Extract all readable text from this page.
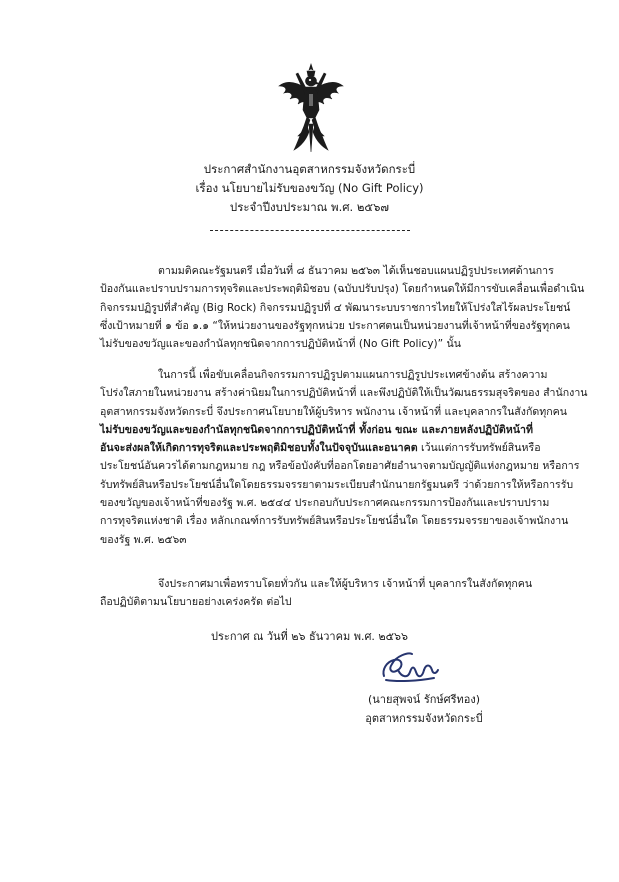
ประกาศสำนักงานอุตสาหกรรมจังหวัดกระบี่
เรื่อง นโยบายไม่รับของขวัญ (No Gift Policy)
ประจำปีงบประมาณ พ.ศ. ๒๕๖๗
ตามมติคณะรัฐมนตรี เมื่อวันที่ ๘ ธันวาคม ๒๕๖๓ ได้เห็นชอบแผนปฏิรูปประเทศด้านการ
ป้องกันและปราบปรามการทุจริตและประพฤติมิชอบ (ฉบับปรับปรุง) โดยกำหนดให้มีการขับเคลื่อนเพื่อดำเนิน
กิจกรรมปฏิรูปที่สำคัญ (Big Rock) กิจกรรมปฏิรูปที่ ๔ พัฒนาระบบราชการไทยให้โปร่งใสไร้ผลประโยชน์
ซึ่งเป้าหมายที่ ๑ ข้อ ๑.๑ “ให้หน่วยงานของรัฐทุกหน่วย ประกาศตนเป็นหน่วยงานที่เจ้าหน้าที่ของรัฐทุกคน
ไม่รับของขวัญและของกำนัลทุกชนิดจากการปฏิบัติหน้าที่ (No Gift Policy)” นั้น
ในการนี้ เพื่อขับเคลื่อนกิจกรรมการปฏิรูปตามแผนการปฏิรูปประเทศข้างต้น สร้างความ
โปร่งใสภายในหน่วยงาน สร้างค่านิยมในการปฏิบัติหน้าที่ และพึงปฏิบัติให้เป็นวัฒนธรรมสุจริตของ สำนักงาน
อุตสาหกรรมจังหวัดกระบี่ จึงประกาศนโยบายให้ผู้บริหาร พนักงาน เจ้าหน้าที่ และบุคลากรในสังกัดทุกคน
ไม่รับของขวัญและของกำนัลทุกชนิดจากการปฏิบัติหน้าที่ ทั้งก่อน ขณะ และภายหลังปฏิบัติหน้าที่
อันจะส่งผลให้เกิดการทุจริตและประพฤติมิชอบทั้งในปัจจุบันและอนาคต เว้นแต่การรับทรัพย์สินหรือ
ประโยชน์อันควรได้ตามกฎหมาย กฎ หรือข้อบังคับที่ออกโดยอาศัยอำนาจตามบัญญัติแห่งกฎหมาย หรือการ
รับทรัพย์สินหรือประโยชน์อื่นใดโดยธรรมจรรยาตามระเบียบสำนักนายกรัฐมนตรี ว่าด้วยการให้หรือการรับ
ของขวัญของเจ้าหน้าที่ของรัฐ พ.ศ. ๒๕๔๔ ประกอบกับประกาศคณะกรรมการป้องกันและปราบปราม
การทุจริตแห่งชาติ เรื่อง หลักเกณฑ์การรับทรัพย์สินหรือประโยชน์อื่นใด โดยธรรมจรรยาของเจ้าพนักงาน
ของรัฐ พ.ศ. ๒๕๖๓
จึงประกาศมาเพื่อทราบโดยทั่วกัน และให้ผู้บริหาร เจ้าหน้าที่ บุคลากรในสังกัดทุกคน
ถือปฏิบัติตามนโยบายอย่างเคร่งครัด ต่อไป
ประกาศ ณ วันที่ ๒๖ ธันวาคม พ.ศ. ๒๕๖๖
(นายสุพจน์ รักษ์ศรีทอง)
อุตสาหกรรมจังหวัดกระบี่
